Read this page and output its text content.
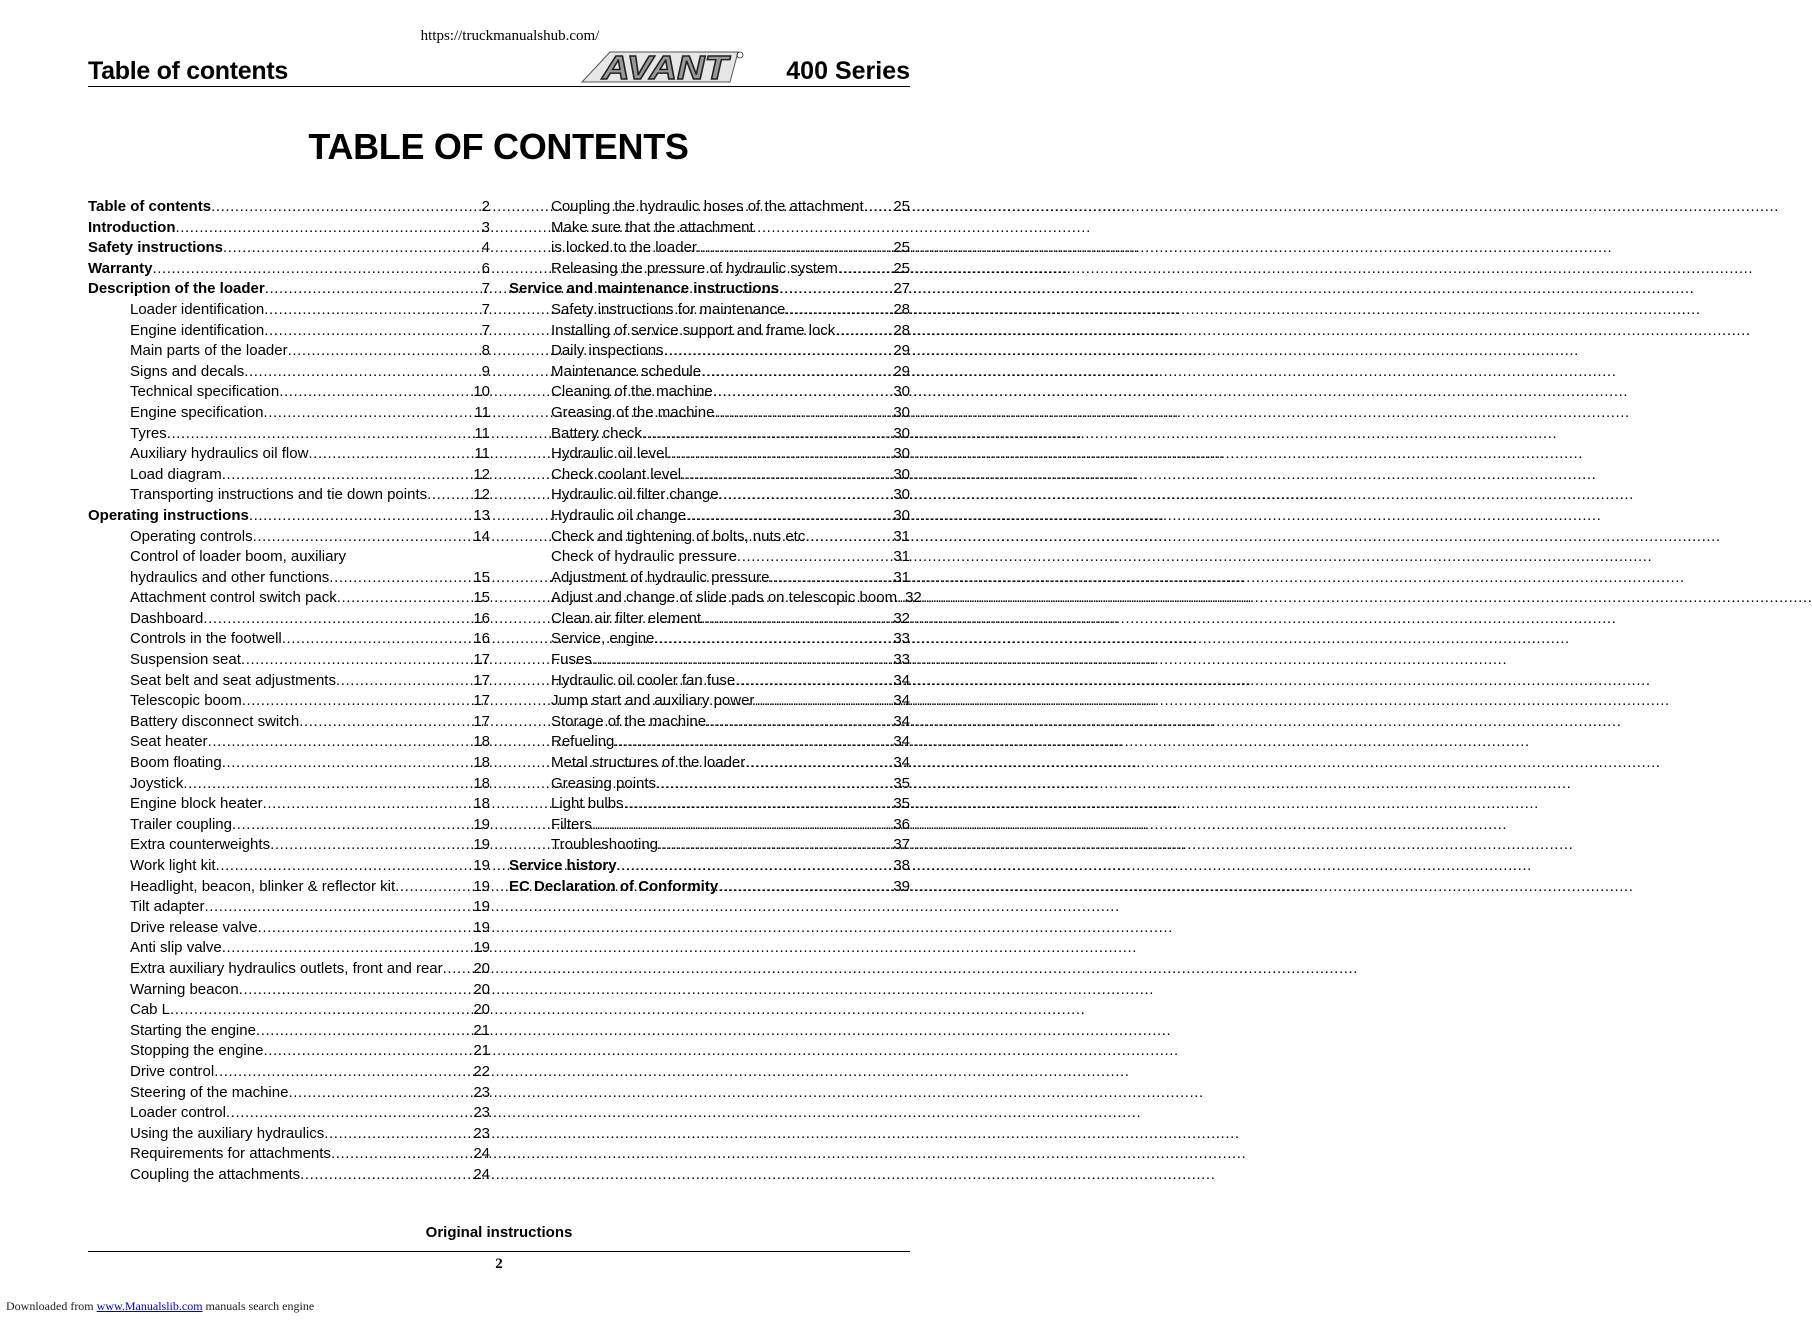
https://truckmanualshub.com/
Table of contents	AVANT 400 Series
TABLE OF CONTENTS
Table of contents .....	2
Introduction .....	3
Safety instructions .....	4
Warranty .....	6
Description of the loader .....	7
Loader identification .....	7
Engine identification .....	7
Main parts of the loader .....	8
Signs and decals .....	9
Technical specification .....	10
Engine specification .....	11
Tyres .....	11
Auxiliary hydraulics oil flow .....	11
Load diagram .....	12
Transporting instructions and tie down points .....	12
Operating instructions .....	13
Operating controls .....	14
Control of loader boom, auxiliary
hydraulics and other functions .....	15
Attachment control switch pack .....	15
Dashboard .....	16
Controls in the footwell .....	16
Suspension seat .....	17
Seat belt and seat adjustments .....	17
Telescopic boom .....	17
Battery disconnect switch .....	17
Seat heater .....	18
Boom floating .....	18
Joystick .....	18
Engine block heater .....	18
Trailer coupling .....	19
Extra counterweights .....	19
Work light kit .....	19
Headlight, beacon, blinker & reflector kit .....	19
Tilt adapter .....	19
Drive release valve .....	19
Anti slip valve .....	19
Extra auxiliary hydraulics outlets, front and rear ..... 20
Warning beacon .....	20
Cab L .....	20
Starting the engine .....	21
Stopping the engine .....	21
Drive control .....	22
Steering of the machine .....	23
Loader control .....	23
Using the auxiliary hydraulics .....	23
Requirements for attachments .....	24
Coupling the attachments .....	24
Coupling the hydraulic hoses of the attachment ..... 25
Make sure that the attachment
is locked to the loader .....	25
Releasing the pressure of hydraulic system .....	25
Service and maintenance instructions .....	27
Safety instructions for maintenance .....	28
Installing of service support and frame lock .....	28
Daily inspections .....	29
Maintenance schedule .....	29
Cleaning of the machine .....	30
Greasing of the machine .....	30
Battery check .....	30
Hydraulic oil level .....	30
Check coolant level .....	30
Hydraulic oil filter change .....	30
Hydraulic oil change .....	30
Check and tightening of bolts, nuts etc .....	31
Check of hydraulic pressure .....	31
Adjustment of hydraulic pressure .....	31
Adjust and change of slide pads on telescopic boom ..... 32
Clean air filter element .....	32
Service, engine .....	33
Fuses .....	33
Hydraulic oil cooler fan fuse .....	34
Jump start and auxiliary power .....	34
Storage of the machine .....	34
Refueling .....	34
Metal structures of the loader .....	34
Greasing points .....	35
Light bulbs .....	35
Filters .....	36
Troubleshooting .....	37
Service history .....	38
EC Declaration of Conformity .....	39
Original instructions
2
Downloaded from www.Manualslib.com manuals search engine
